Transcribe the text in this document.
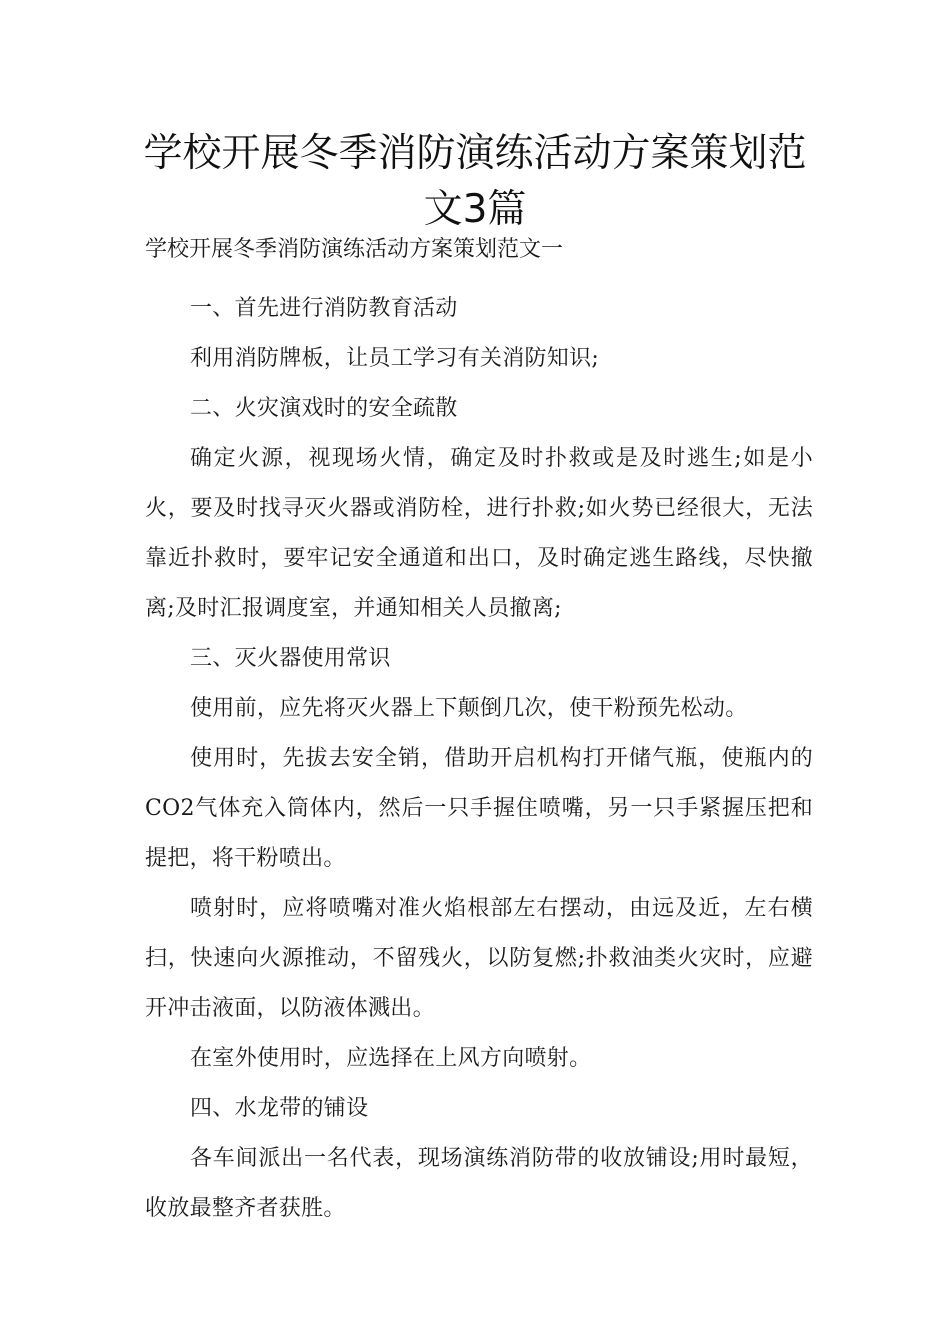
学校开展冬季消防演练活动方案策划范
文3篇

学校开展冬季消防演练活动方案策划范文一

一、首先进行消防教育活动

利用消防牌板，让员工学习有关消防知识;

二、火灾演戏时的安全疏散

确定火源，视现场火情，确定及时扑救或是及时逃生;如是小火，要及时找寻灭火器或消防栓，进行扑救;如火势已经很大，无法靠近扑救时，要牢记安全通道和出口，及时确定逃生路线，尽快撤离;及时汇报调度室，并通知相关人员撤离;

三、灭火器使用常识

使用前，应先将灭火器上下颠倒几次，使干粉预先松动。

使用时，先拔去安全销，借助开启机构打开储气瓶，使瓶内的CO2气体充入筒体内，然后一只手握住喷嘴，另一只手紧握压把和提把，将干粉喷出。

喷射时，应将喷嘴对准火焰根部左右摆动，由远及近，左右横扫，快速向火源推动，不留残火，以防复燃;扑救油类火灾时，应避开冲击液面，以防液体溅出。

在室外使用时，应选择在上风方向喷射。

四、水龙带的铺设

各车间派出一名代表，现场演练消防带的收放铺设;用时最短，收放最整齐者获胜。
